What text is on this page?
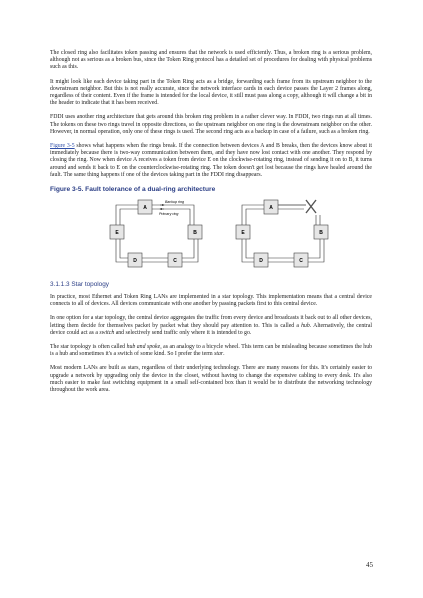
The closed ring also facilitates token passing and ensures that the network is used efficiently. Thus, a broken ring is a serious problem, although not as serious as a broken bus, since the Token Ring protocol has a detailed set of procedures for dealing with physical problems such as this.

It might look like each device taking part in the Token Ring acts as a bridge, forwarding each frame from its upstream neighbor to the downstream neighbor. But this is not really accurate, since the network interface cards in each device passes the Layer 2 frames along, regardless of their content. Even if the frame is intended for the local device, it still must pass along a copy, although it will change a bit in the header to indicate that it has been received.

FDDI uses another ring architecture that gets around this broken ring problem in a rather clever way. In FDDI, two rings run at all times. The tokens on these two rings travel in opposite directions, so the upstream neighbor on one ring is the downstream neighbor on the other. However, in normal operation, only one of these rings is used. The second ring acts as a backup in case of a failure, such as a broken ring.

Figure 3-5 shows what happens when the rings break. If the connection between devices A and B breaks, then the devices know about it immediately because there is two-way communication between them, and they have now lost contact with one another. They respond by closing the ring. Now when device A receives a token from device E on the clockwise-rotating ring, instead of sending it on to B, it turns around and sends it back to E on the counterclockwise-rotating ring. The token doesn't get lost because the rings have healed around the fault. The same thing happens if one of the devices taking part in the FDDI ring disappears.

Figure 3-5. Fault tolerance of a dual-ring architecture
A
B
C
D
E
Backup ring
Primary ring
A
B
C
D
E
3.1.1.3 Star topology

In practice, most Ethernet and Token Ring LANs are implemented in a star topology. This implementation means that a central device connects to all of devices. All devices communicate with one another by passing packets first to this central device.

In one option for a star topology, the central device aggregates the traffic from every device and broadcasts it back out to all other devices, letting them decide for themselves packet by packet what they should pay attention to. This is called a hub. Alternatively, the central device could act as a switch and selectively send traffic only where it is intended to go.

The star topology is often called hub and spoke, as an analogy to a bicycle wheel. This term can be misleading because sometimes the hub is a hub and sometimes it's a switch of some kind. So I prefer the term star.

Most modern LANs are built as stars, regardless of their underlying technology. There are many reasons for this. It's certainly easier to upgrade a network by upgrading only the device in the closet, without having to change the expensive cabling to every desk. It's also much easier to make fast switching equipment in a small self-contained box than it would be to distribute the networking technology throughout the work area.

45
